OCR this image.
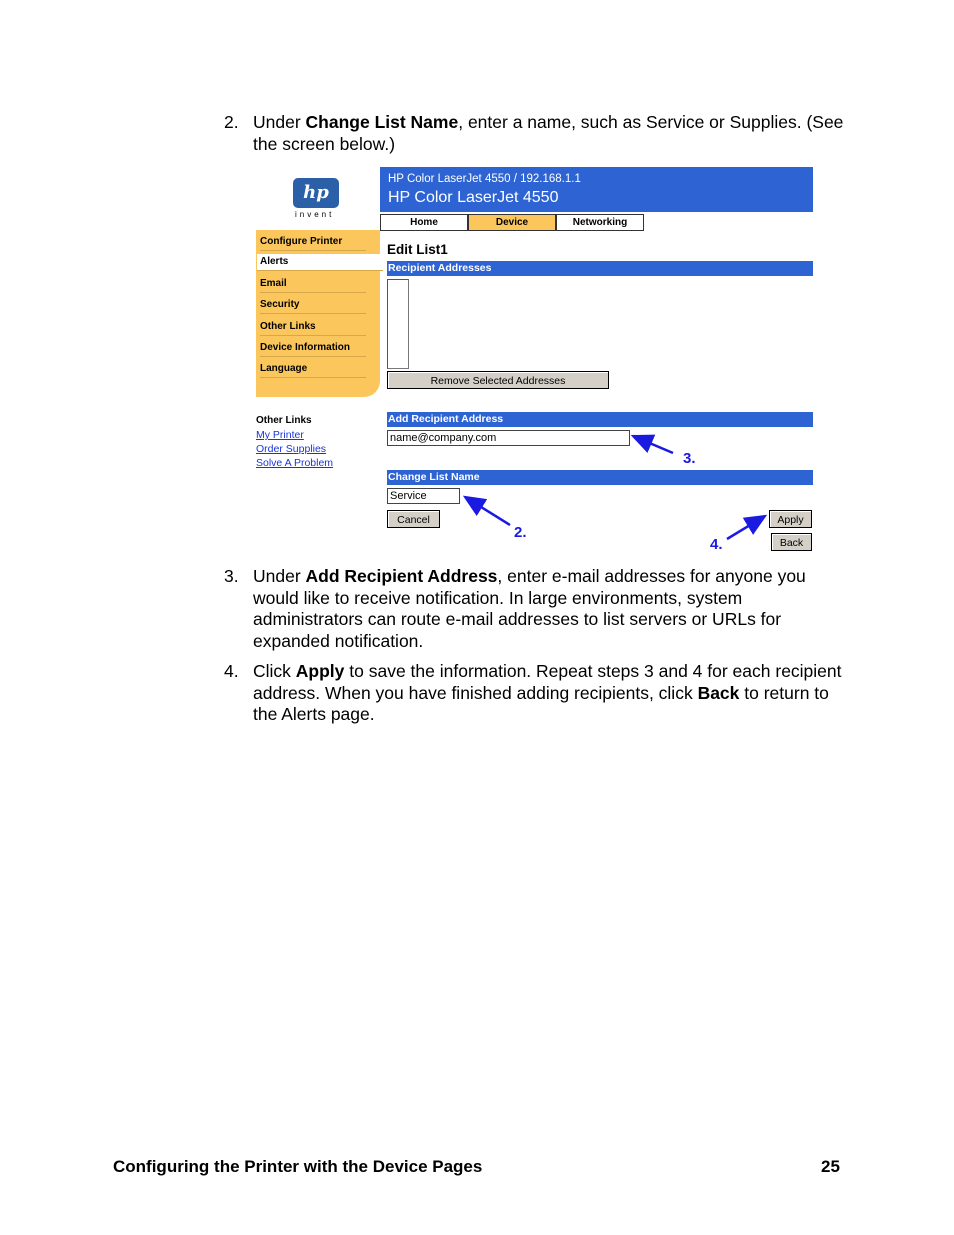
2. Under Change List Name, enter a name, such as Service or Supplies. (See the screen below.)
hp
invent
HP Color LaserJet 4550 / 192.168.1.1
HP Color LaserJet 4550
Home	Device	Networking
Configure Printer
Alerts
Email
Security
Other Links
Device Information
Language
Other Links
My Printer
Order Supplies
Solve A Problem
Edit List1
Recipient Addresses
Remove Selected Addresses
Add Recipient Address
name@company.com
Change List Name
Service
Cancel	Apply
Back
3.
2.
4.
3. Under Add Recipient Address, enter e-mail addresses for anyone you would like to receive notification. In large environments, system administrators can route e-mail addresses to list servers or URLs for expanded notification.
4. Click Apply to save the information. Repeat steps 3 and 4 for each recipient address. When you have finished adding recipients, click Back to return to the Alerts page.
Configuring the Printer with the Device Pages	25
